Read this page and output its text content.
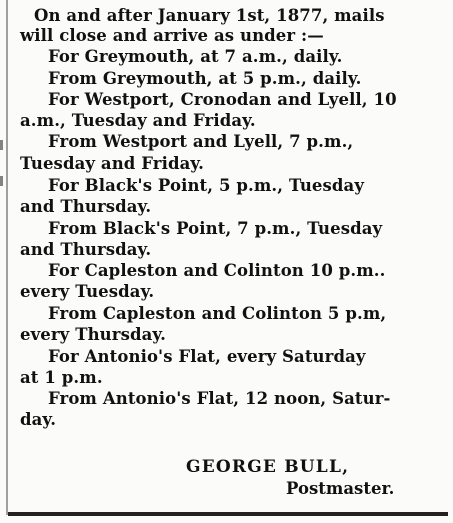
On and after January 1st, 1877, mails
will close and arrive as under :—
For Greymouth, at 7 a.m., daily.
From Greymouth, at 5 p.m., daily.
For Westport, Cronodan and Lyell, 10
a.m., Tuesday and Friday.
From Westport and Lyell, 7 p.m.,
Tuesday and Friday.
For Black's Point, 5 p.m., Tuesday
and Thursday.
From Black's Point, 7 p.m., Tuesday
and Thursday.
For Capleston and Colinton 10 p.m..
every Tuesday.
From Capleston and Colinton 5 p.m,
every Thursday.
For Antonio's Flat, every Saturday
at 1 p.m.
From Antonio's Flat, 12 noon, Satur-
day.
GEORGE BULL,
Postmaster.
